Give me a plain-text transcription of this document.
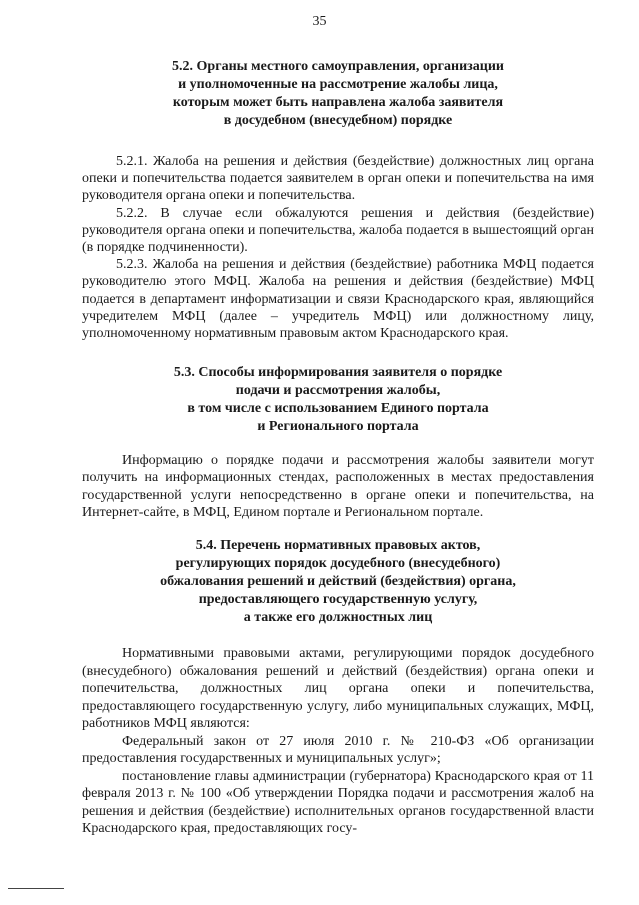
35
5.2. Органы местного самоуправления, организации
и уполномоченные на рассмотрение жалобы лица,
которым может быть направлена жалоба заявителя
в досудебном (внесудебном) порядке

5.2.1. Жалоба на решения и действия (бездействие) должностных лиц органа опеки и попечительства подается заявителем в орган опеки и попечительства на имя руководителя органа опеки и попечительства.

5.2.2. В случае если обжалуются решения и действия (бездействие) руководителя органа опеки и попечительства, жалоба подается в вышестоящий орган (в порядке подчиненности).

5.2.3. Жалоба на решения и действия (бездействие) работника МФЦ подается руководителю этого МФЦ. Жалоба на решения и действия (бездействие) МФЦ подается в департамент информатизации и связи Краснодарского края, являющийся учредителем МФЦ (далее – учредитель МФЦ) или должностному лицу, уполномоченному нормативным правовым актом Краснодарского края.

5.3. Способы информирования заявителя о порядке
подачи и рассмотрения жалобы,
в том числе с использованием Единого портала
и Регионального портала

Информацию о порядке подачи и рассмотрения жалобы заявители могут получить на информационных стендах, расположенных в местах предоставления государственной услуги непосредственно в органе опеки и попечительства, на Интернет-сайте, в МФЦ, Едином портале и Региональном портале.

5.4. Перечень нормативных правовых актов,
регулирующих порядок досудебного (внесудебного)
обжалования решений и действий (бездействия) органа,
предоставляющего государственную услугу,
а также его должностных лиц

Нормативными правовыми актами, регулирующими порядок досудебного (внесудебного) обжалования решений и действий (бездействия) органа опеки и попечительства, должностных лиц органа опеки и попечительства, предоставляющего государственную услугу, либо муниципальных служащих, МФЦ, работников МФЦ являются:

Федеральный закон от 27 июля 2010 г. № 210-ФЗ «Об организации предоставления государственных и муниципальных услуг»;

постановление главы администрации (губернатора) Краснодарского края от 11 февраля 2013 г. № 100 «Об утверждении Порядка подачи и рассмотрения жалоб на решения и действия (бездействие) исполнительных органов государственной власти Краснодарского края, предоставляющих госу-
